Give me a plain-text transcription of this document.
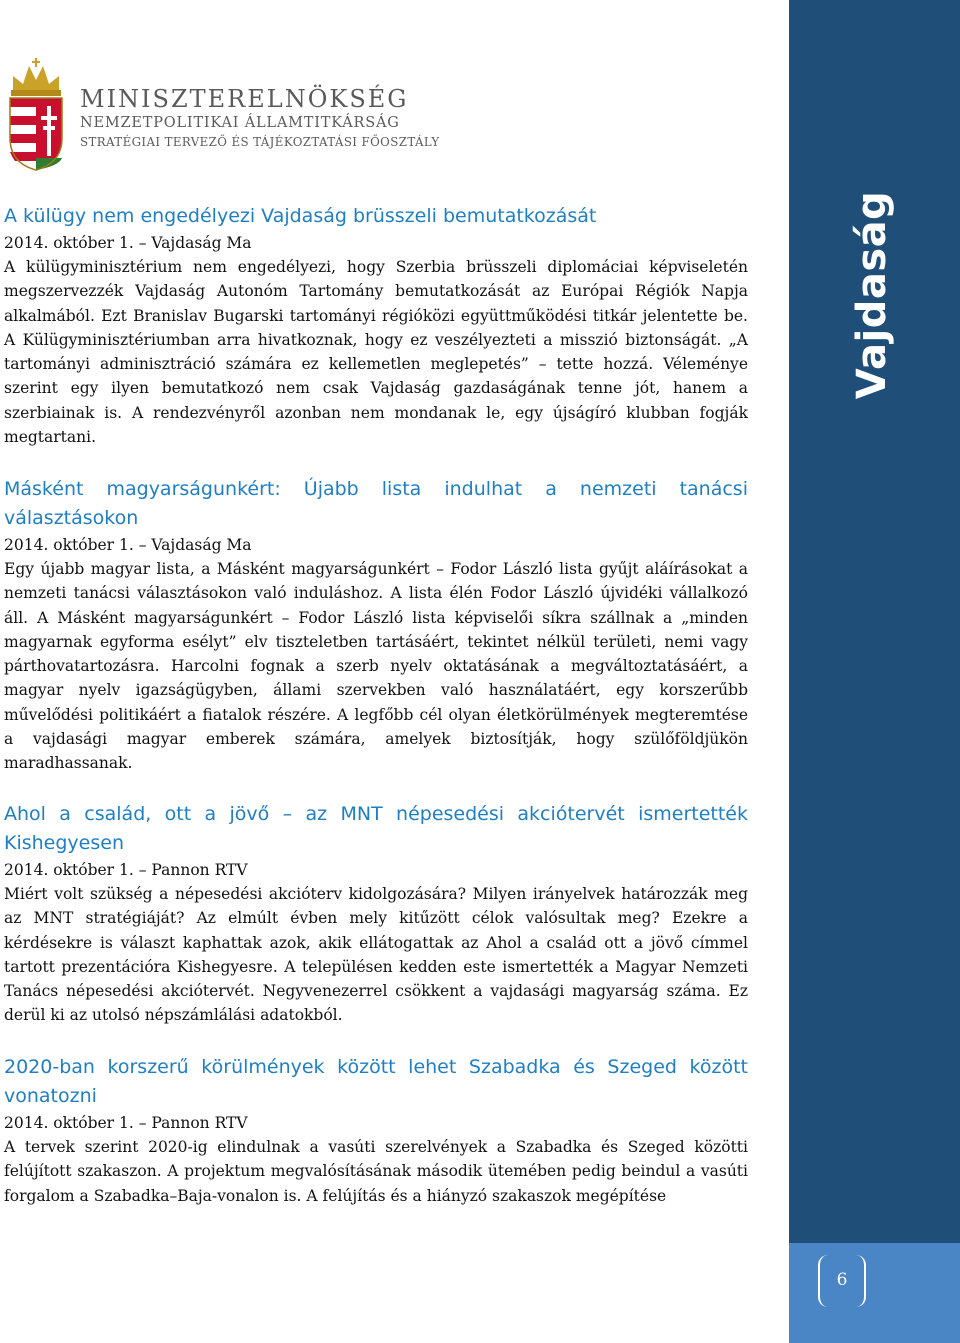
Vajdaság
6
MINISZTERELNÖKSÉG
NEMZETPOLITIKAI ÁLLAMTITKÁRSÁG
STRATÉGIAI TERVEZŐ ÉS TÁJÉKOZTATÁSI FŐOSZTÁLY
A külügy nem engedélyezi Vajdaság brüsszeli bemutatkozását
2014. október 1. – Vajdaság Ma
A külügyminisztérium nem engedélyezi, hogy Szerbia brüsszeli diplomáciai képviseletén megszervezzék Vajdaság Autonóm Tartomány bemutatkozását az Európai Régiók Napja alkalmából. Ezt Branislav Bugarski tartományi régióközi együttműködési titkár jelentette be. A Külügyminisztériumban arra hivatkoznak, hogy ez veszélyezteti a misszió biztonságát. „A tartományi adminisztráció számára ez kellemetlen meglepetés” – tette hozzá. Véleménye szerint egy ilyen bemutatkozó nem csak Vajdaság gazdaságának tenne jót, hanem a szerbiainak is. A rendezvényről azonban nem mondanak le, egy újságíró klubban fogják megtartani.
Másként magyarságunkért: Újabb lista indulhat a nemzeti tanácsi választásokon
2014. október 1. – Vajdaság Ma
Egy újabb magyar lista, a Másként magyarságunkért – Fodor László lista gyűjt aláírásokat a nemzeti tanácsi választásokon való induláshoz. A lista élén Fodor László újvidéki vállalkozó áll. A Másként magyarságunkért – Fodor László lista képviselői síkra szállnak a „minden magyarnak egyforma esélyt” elv tiszteletben tartásáért, tekintet nélkül területi, nemi vagy párthovatartozásra. Harcolni fognak a szerb nyelv oktatásának a megváltoztatásáért, a magyar nyelv igazságügyben, állami szervekben való használatáért, egy korszerűbb művelődési politikáért a fiatalok részére. A legfőbb cél olyan életkörülmények megteremtése a vajdasági magyar emberek számára, amelyek biztosítják, hogy szülőföldjükön maradhassanak.
Ahol a család, ott a jövő – az MNT népesedési akciótervét ismertették Kishegyesen
2014. október 1. – Pannon RTV
Miért volt szükség a népesedési akcióterv kidolgozására? Milyen irányelvek határozzák meg az MNT stratégiáját? Az elmúlt évben mely kitűzött célok valósultak meg? Ezekre a kérdésekre is választ kaphattak azok, akik ellátogattak az Ahol a család ott a jövő címmel tartott prezentációra Kishegyesre. A településen kedden este ismertették a Magyar Nemzeti Tanács népesedési akciótervét. Negyvenezerrel csökkent a vajdasági magyarság száma. Ez derül ki az utolsó népszámlálási adatokból.
2020-ban korszerű körülmények között lehet Szabadka és Szeged között vonatozni
2014. október 1. – Pannon RTV
A tervek szerint 2020-ig elindulnak a vasúti szerelvények a Szabadka és Szeged közötti felújított szakaszon. A projektum megvalósításának második ütemében pedig beindul a vasúti forgalom a Szabadka–Baja-vonalon is. A felújítás és a hiányzó szakaszok megépítése
